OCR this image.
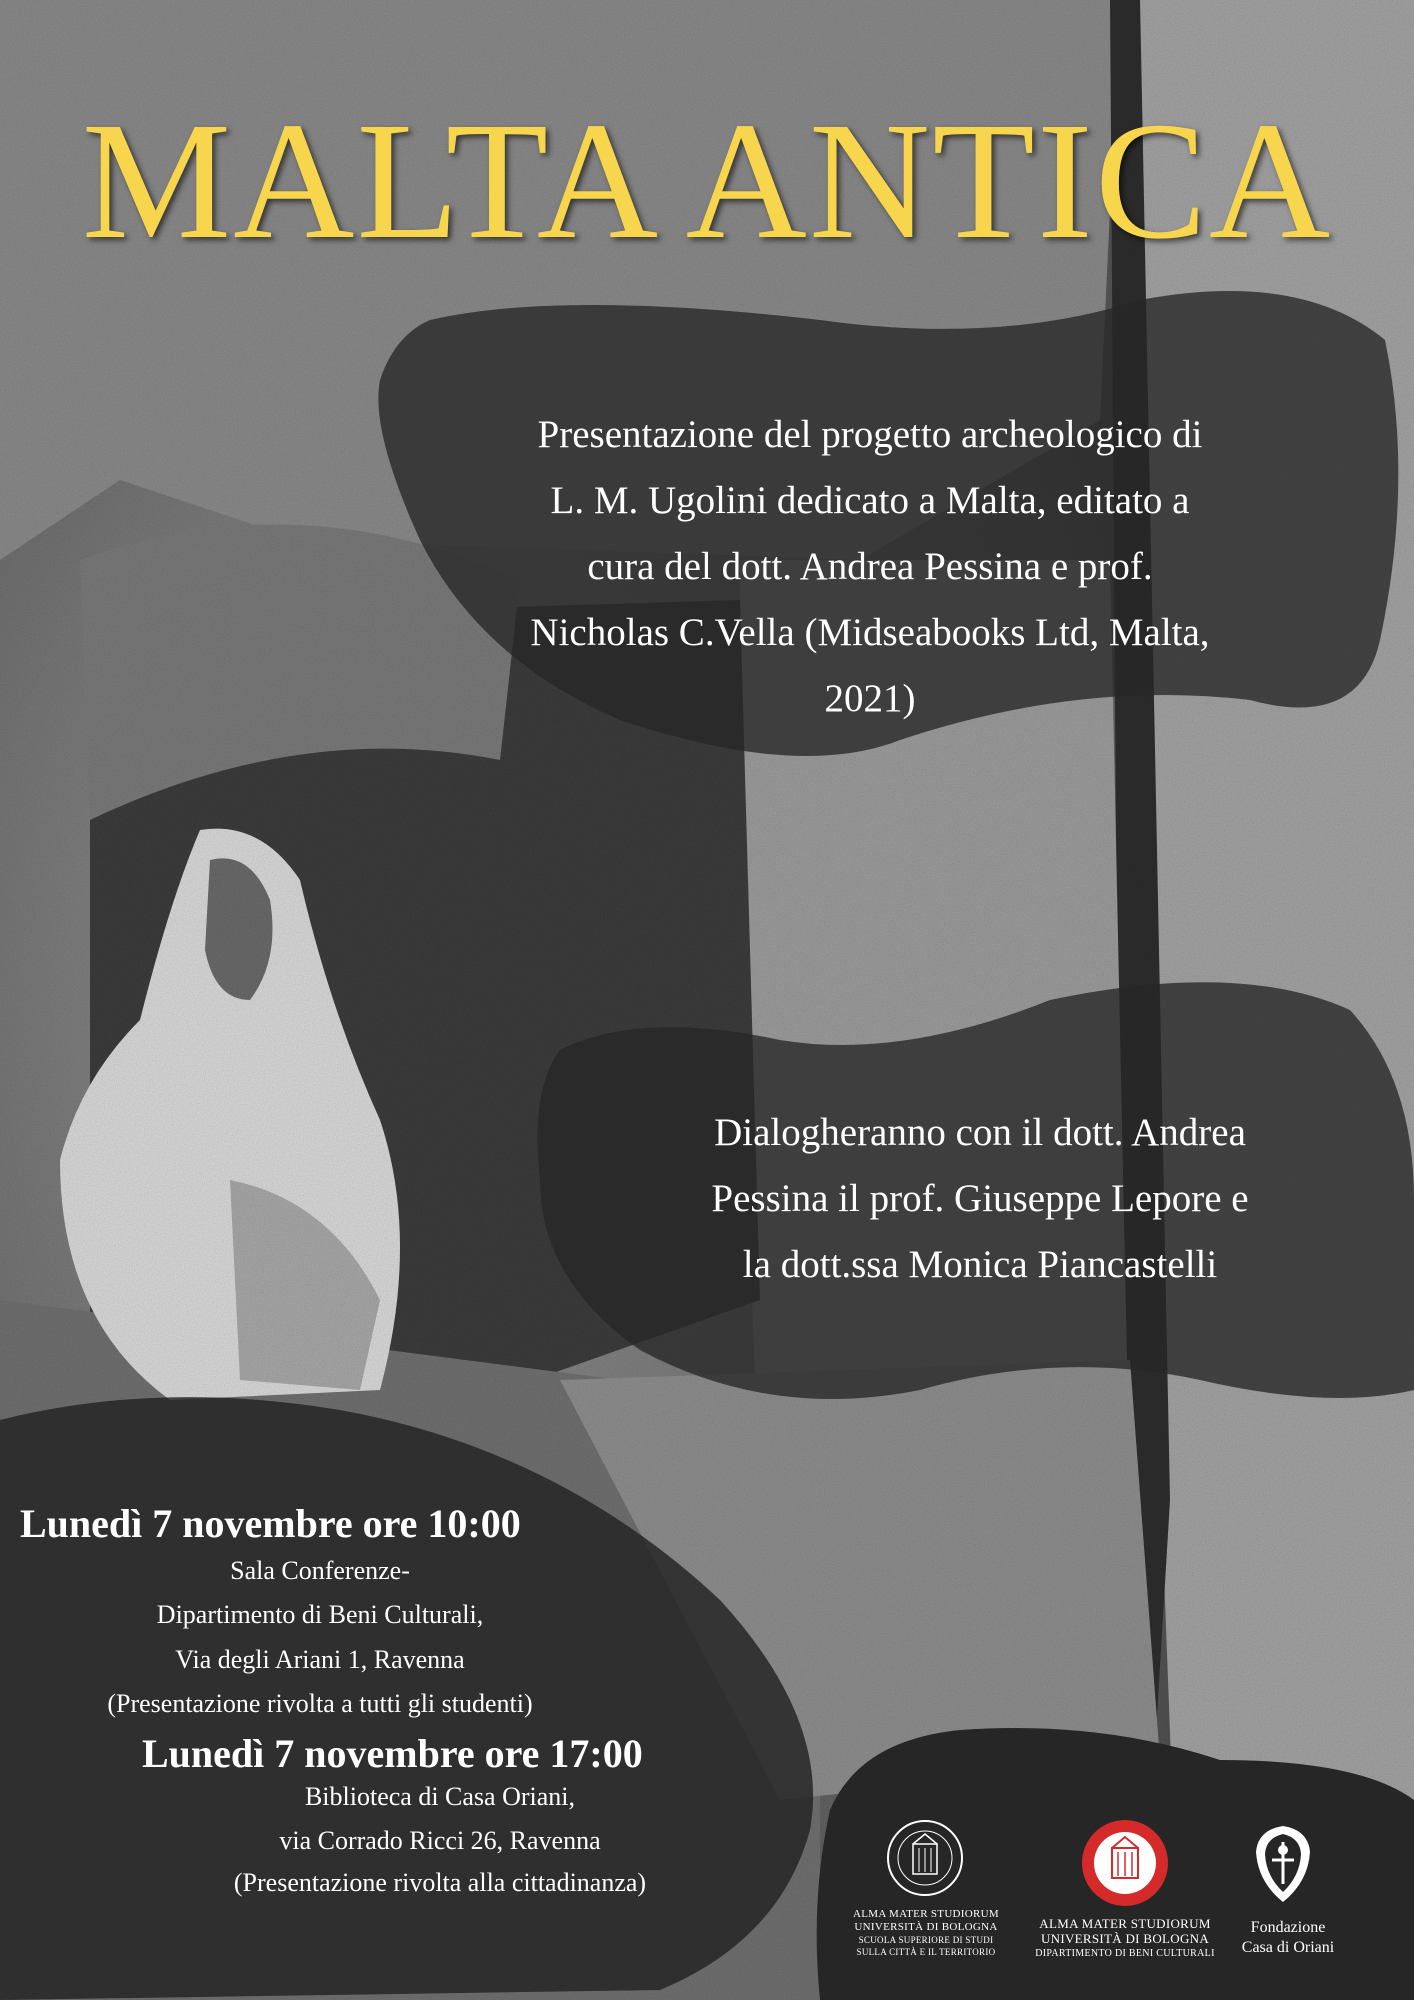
MALTA ANTICA
Presentazione del progetto archeologico di
L. M. Ugolini dedicato a Malta, editato a
cura del dott. Andrea Pessina e prof.
Nicholas C.Vella (Midseabooks Ltd, Malta,
2021)
Dialogheranno con il dott. Andrea
Pessina il prof. Giuseppe Lepore e
la dott.ssa Monica Piancastelli
Lunedì 7 novembre ore 10:00
Sala Conferenze-
Dipartimento di Beni Culturali,
Via degli Ariani 1, Ravenna
(Presentazione rivolta a tutti gli studenti)
Lunedì 7 novembre ore 17:00
Biblioteca di Casa Oriani,
via Corrado Ricci 26, Ravenna
(Presentazione rivolta alla cittadinanza)
ALMA MATER STUDIORUM
UNIVERSITÀ DI BOLOGNA
SCUOLA SUPERIORE DI STUDI
SULLA CITTÀ E IL TERRITORIO
ALMA MATER STUDIORUM
UNIVERSITÀ DI BOLOGNA
DIPARTIMENTO DI BENI CULTURALI
Fondazione
Casa di Oriani
